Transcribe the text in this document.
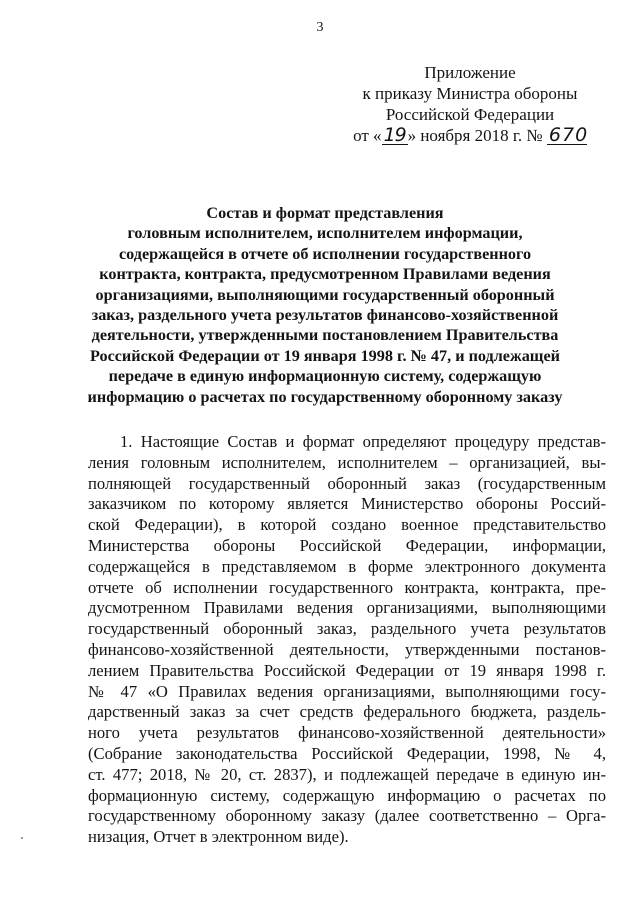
3
Приложение
к приказу Министра обороны
Российской Федерации
от « 19 » ноября 2018 г. № 670
Состав и формат представления
головным исполнителем, исполнителем информации,
содержащейся в отчете об исполнении государственного
контракта, контракта, предусмотренном Правилами ведения
организациями, выполняющими государственный оборонный
заказ, раздельного учета результатов финансово-хозяйственной
деятельности, утвержденными постановлением Правительства
Российской Федерации от 19 января 1998 г. № 47, и подлежащей
передаче в единую информационную систему, содержащую
информацию о расчетах по государственному оборонному заказу
1. Настоящие Состав и формат определяют процедуру представ-
ления головным исполнителем, исполнителем – организацией, вы-
полняющей государственный оборонный заказ (государственным
заказчиком по которому является Министерство обороны Россий-
ской Федерации), в которой создано военное представительство
Министерства обороны Российской Федерации, информации,
содержащейся в представляемом в форме электронного документа
отчете об исполнении государственного контракта, контракта, пре-
дусмотренном Правилами ведения организациями, выполняющими
государственный оборонный заказ, раздельного учета результатов
финансово-хозяйственной деятельности, утвержденными постанов-
лением Правительства Российской Федерации от 19 января 1998 г.
№ 47 «О Правилах ведения организациями, выполняющими госу-
дарственный заказ за счет средств федерального бюджета, раздель-
ного учета результатов финансово-хозяйственной деятельности»
(Собрание законодательства Российской Федерации, 1998, № 4,
ст. 477; 2018, № 20, ст. 2837), и подлежащей передаче в единую ин-
формационную систему, содержащую информацию о расчетах по
государственному оборонному заказу (далее соответственно – Орга-
низация, Отчет в электронном виде).
